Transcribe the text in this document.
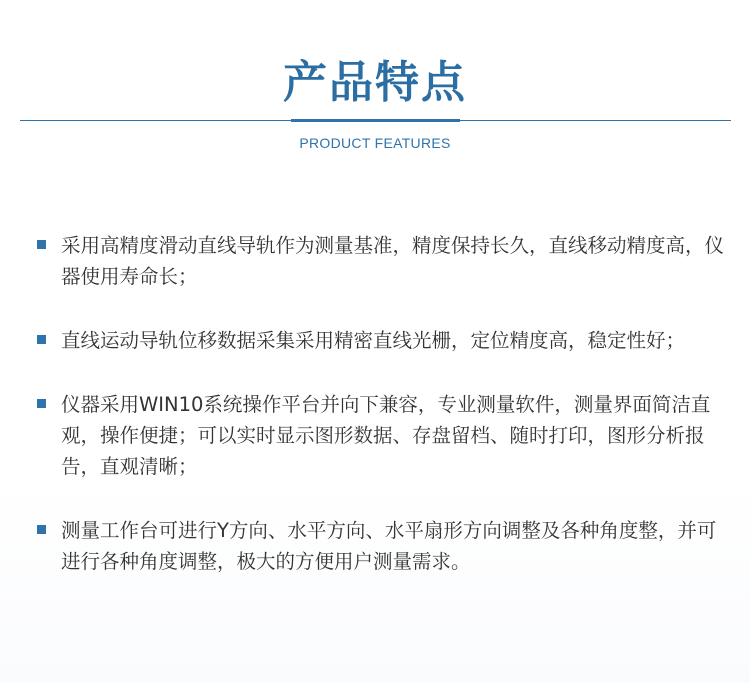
产品特点
PRODUCT FEATURES
采用高精度滑动直线导轨作为测量基准，精度保持长久，直线移动精度高，仪器使用寿命长；
直线运动导轨位移数据采集采用精密直线光栅，定位精度高，稳定性好；
仪器采用WIN10系统操作平台并向下兼容，专业测量软件，测量界面简洁直观，操作便捷；可以实时显示图形数据、存盘留档、随时打印，图形分析报告，直观清晰；
测量工作台可进行Y方向、水平方向、水平扇形方向调整及各种角度整，并可进行各种角度调整，极大的方便用户测量需求。
